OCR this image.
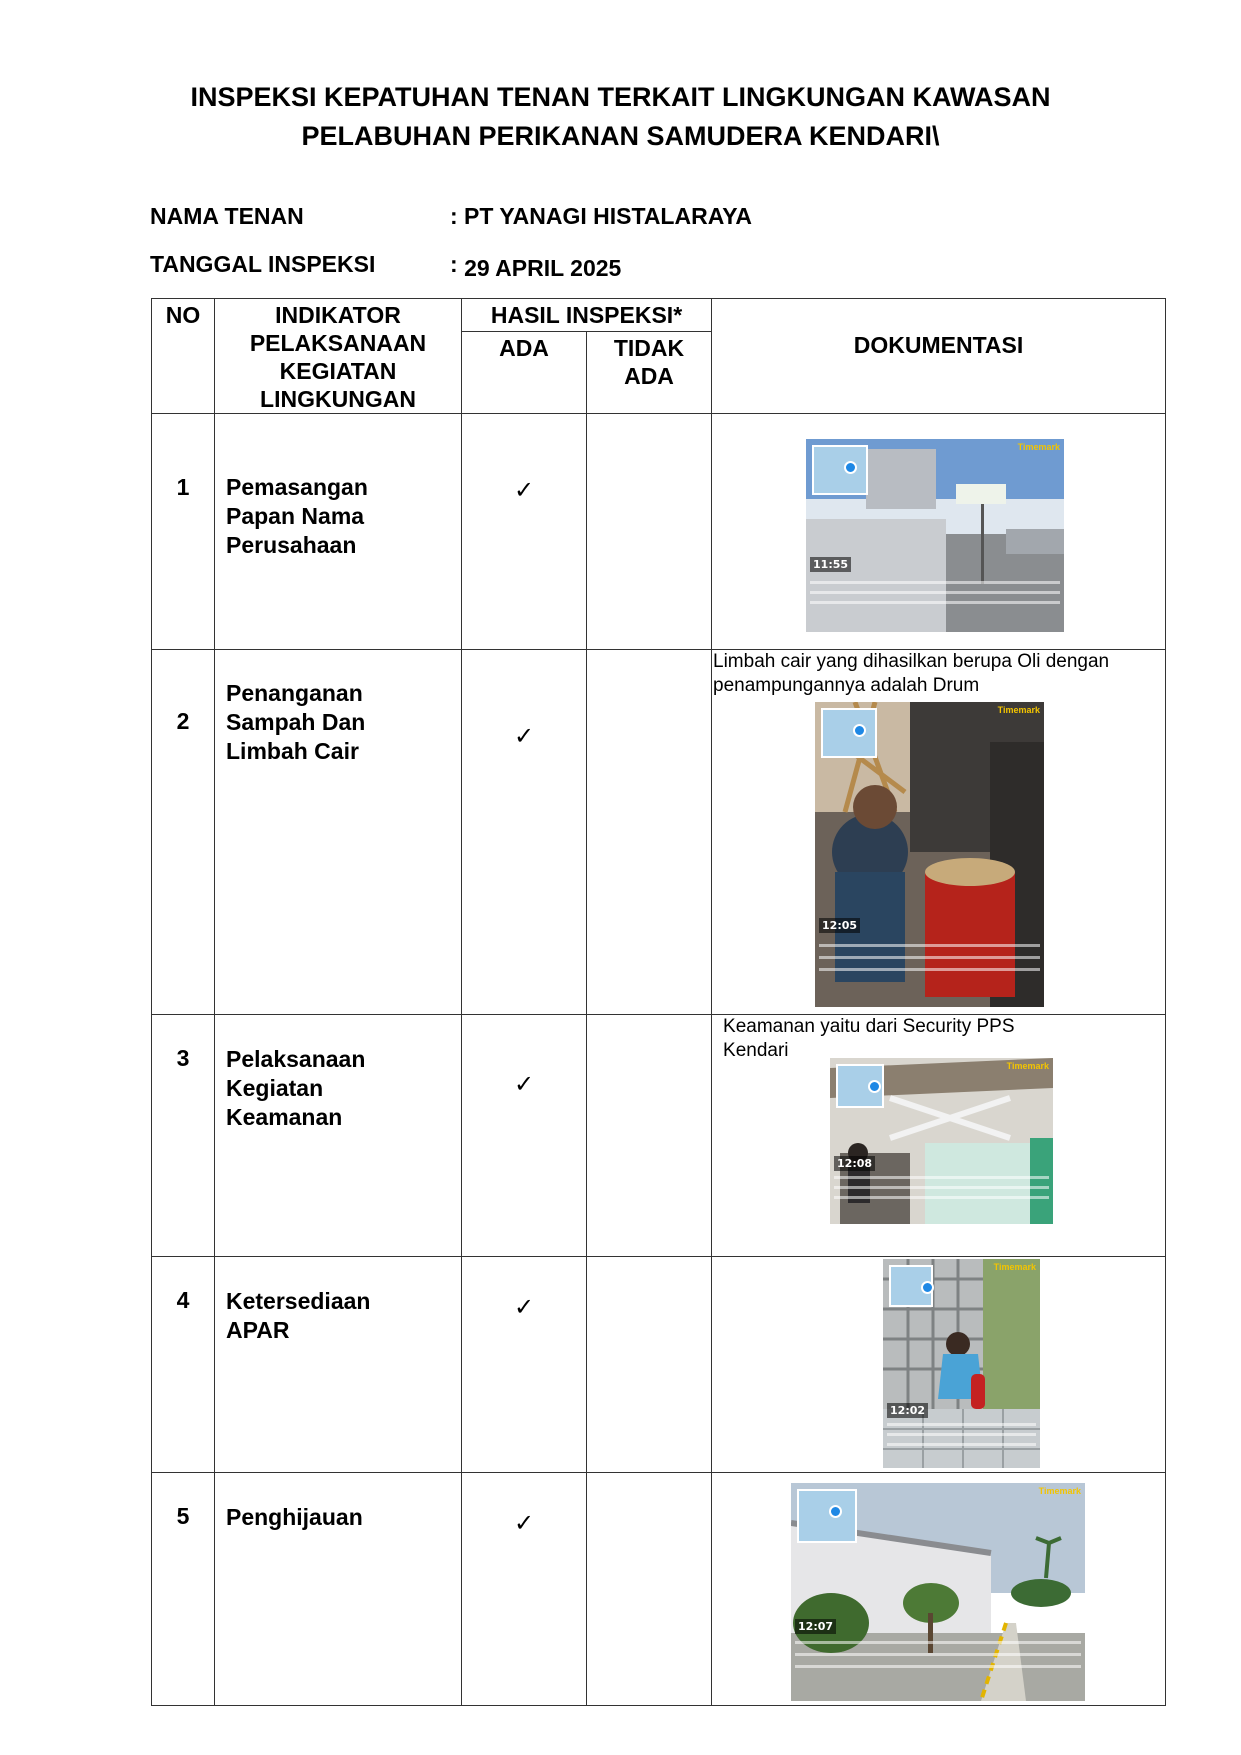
INSPEKSI KEPATUHAN TENAN TERKAIT LINGKUNGAN KAWASAN
PELABUHAN PERIKANAN SAMUDERA KENDARI\
NAMA TENAN	: PT YANAGI HISTALARAYA
TANGGAL INSPEKSI	: 29 APRIL 2025
NO	INDIKATOR PELAKSANAAN KEGIATAN LINGKUNGAN	HASIL INSPEKSI*		DOKUMENTASI
		ADA	TIDAK ADA	
1	Pemasangan Papan Nama Perusahaan	✓		Timemark
11:55

2	Penanganan Sampah Dan Limbah Cair	✓		Limbah cair yang dihasilkan berupa Oli dengan penampungannya adalah Drum
Timemark
12:05

3	Pelaksanaan Kegiatan Keamanan	✓		Keamanan yaitu dari Security PPS Kendari
Timemark
12:08

4	Ketersediaan APAR	✓		Timemark
12:02

5	Penghijauan	✓		Timemark
12:07
